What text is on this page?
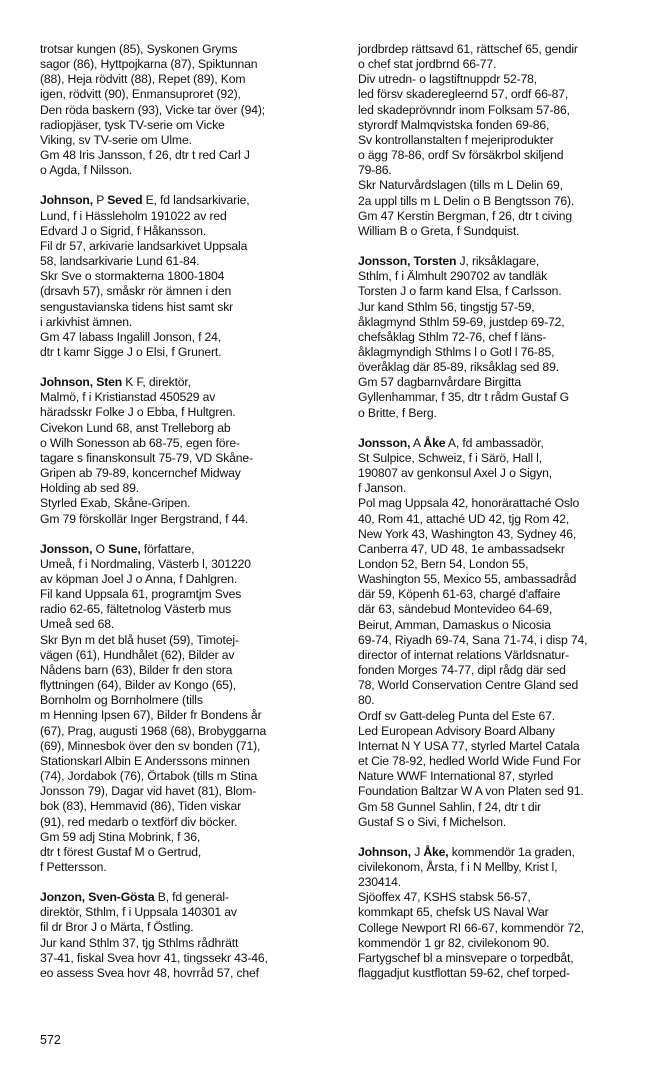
trotsar kungen (85), Syskonen Gryms

sagor (86), Hyttpojkarna (87), Spiktunnan

(88), Heja rödvitt (88), Repet (89), Kom

igen, rödvitt (90), Enmansuproret (92),

Den röda baskern (93), Vicke tar över (94);

radiopjäser, tysk TV-serie om Vicke

Viking, sv TV-serie om Ulme.

Gm 48 Iris Jansson, f 26, dtr t red Carl J

o Agda, f Nilsson.

Johnson, P Seved E, fd landsarkivarie,

Lund, f i Hässleholm 191022 av red

Edvard J o Sigrid, f Håkansson.

Fil dr 57, arkivarie landsarkivet Uppsala

58, landsarkivarie Lund 61-84.

Skr Sve o stormakterna 1800-1804

(drsavh 57), småskr rör ämnen i den

sengustavianska tidens hist samt skr

i arkivhist ämnen.

Gm 47 labass Ingalill Jonson, f 24,

dtr t kamr Sigge J o Elsi, f Grunert.

Johnson, Sten K F, direktör,

Malmö, f i Kristianstad 450529 av

häradsskr Folke J o Ebba, f Hultgren.

Civekon Lund 68, anst Trelleborg ab

o Wilh Sonesson ab 68-75, egen före-

tagare s finanskonsult 75-79, VD Skåne-

Gripen ab 79-89, koncernchef Midway

Holding ab sed 89.

Styrled Exab, Skåne-Gripen.

Gm 79 förskollär Inger Bergstrand, f 44.

Jonsson, O Sune, författare,

Umeå, f i Nordmaling, Västerb l, 301220

av köpman Joel J o Anna, f Dahlgren.

Fil kand Uppsala 61, programtjm Sves

radio 62-65, fältetnolog Västerb mus

Umeå sed 68.

Skr Byn m det blå huset (59), Timotej-

vägen (61), Hundhålet (62), Bilder av

Nådens barn (63), Bilder fr den stora

flyttningen (64), Bilder av Kongo (65),

Bornholm og Bornholmere (tills

m Henning Ipsen 67), Bilder fr Bondens år

(67), Prag, augusti 1968 (68), Brobyggarna

(69), Minnesbok över den sv bonden (71),

Stationskarl Albin E Anderssons minnen

(74), Jordabok (76), Örtabok (tills m Stina

Jonsson 79), Dagar vid havet (81), Blom-

bok (83), Hemmavid (86), Tiden viskar

(91), red medarb o textförf div böcker.

Gm 59 adj Stina Mobrink, f 36,

dtr t förest Gustaf M o Gertrud,

f Pettersson.

Jonzon, Sven-Gösta B, fd general-

direktör, Sthlm, f i Uppsala 140301 av

fil dr Bror J o Märta, f Östling.

Jur kand Sthlm 37, tjg Sthlms rådhrätt

37-41, fiskal Svea hovr 41, tingssekr 43-46,

eo assess Svea hovr 48, hovrråd 57, chef

jordbrdep rättsavd 61, rättschef 65, gendir

o chef stat jordbrnd 66-77.

Div utredn- o lagstiftnuppdr 52-78,

led försv skaderegleernd 57, ordf 66-87,

led skadeprövnndr inom Folksam 57-86,

styrordf Malmqvistska fonden 69-86,

Sv kontrollanstalten f mejeriprodukter

o ägg 78-86, ordf Sv försäkrbol skiljend

79-86.

Skr Naturvårdslagen (tills m L Delin 69,

2a uppl tills m L Delin o B Bengtsson 76).

Gm 47 Kerstin Bergman, f 26, dtr t civing

William B o Greta, f Sundquist.

Jonsson, Torsten J, riksåklagare,

Sthlm, f i Älmhult 290702 av tandläk

Torsten J o farm kand Elsa, f Carlsson.

Jur kand Sthlm 56, tingstjg 57-59,

åklagmynd Sthlm 59-69, justdep 69-72,

chefsåklag Sthlm 72-76, chef f läns-

åklagmyndigh Sthlms l o Gotl l 76-85,

överåklag där 85-89, riksåklag sed 89.

Gm 57 dagbarnvårdare Birgitta

Gyllenhammar, f 35, dtr t rådm Gustaf G

o Britte, f Berg.

Jonsson, A Åke A, fd ambassadör,

St Sulpice, Schweiz, f i Särö, Hall l,

190807 av genkonsul Axel J o Sigyn,

f Janson.

Pol mag Uppsala 42, honorärattaché Oslo

40, Rom 41, attaché UD 42, tjg Rom 42,

New York 43, Washington 43, Sydney 46,

Canberra 47, UD 48, 1e ambassadsekr

London 52, Bern 54, London 55,

Washington 55, Mexico 55, ambassadråd

där 59, Köpenh 61-63, chargé d'affaire

där 63, sändebud Montevideo 64-69,

Beirut, Amman, Damaskus o Nicosia

69-74, Riyadh 69-74, Sana 71-74, i disp 74,

director of internat relations Världsnatur-

fonden Morges 74-77, dipl rådg där sed

78, World Conservation Centre Gland sed

80.

Ordf sv Gatt-deleg Punta del Este 67.

Led European Advisory Board Albany

Internat N Y USA 77, styrled Martel Catala

et Cie 78-92, hedled World Wide Fund For

Nature WWF International 87, styrled

Foundation Baltzar W A von Platen sed 91.

Gm 58 Gunnel Sahlin, f 24, dtr t dir

Gustaf S o Sivi, f Michelson.

Johnson, J Åke, kommendör 1a graden,

civilekonom, Årsta, f i N Mellby, Krist l,

230414.

Sjöoffex 47, KSHS stabsk 56-57,

kommkapt 65, chefsk US Naval War

College Newport RI 66-67, kommendör 72,

kommendör 1 gr 82, civilekonom 90.

Fartygschef bl a minsvepare o torpedbåt,

flaggadjut kustflottan 59-62, chef torped-

572
